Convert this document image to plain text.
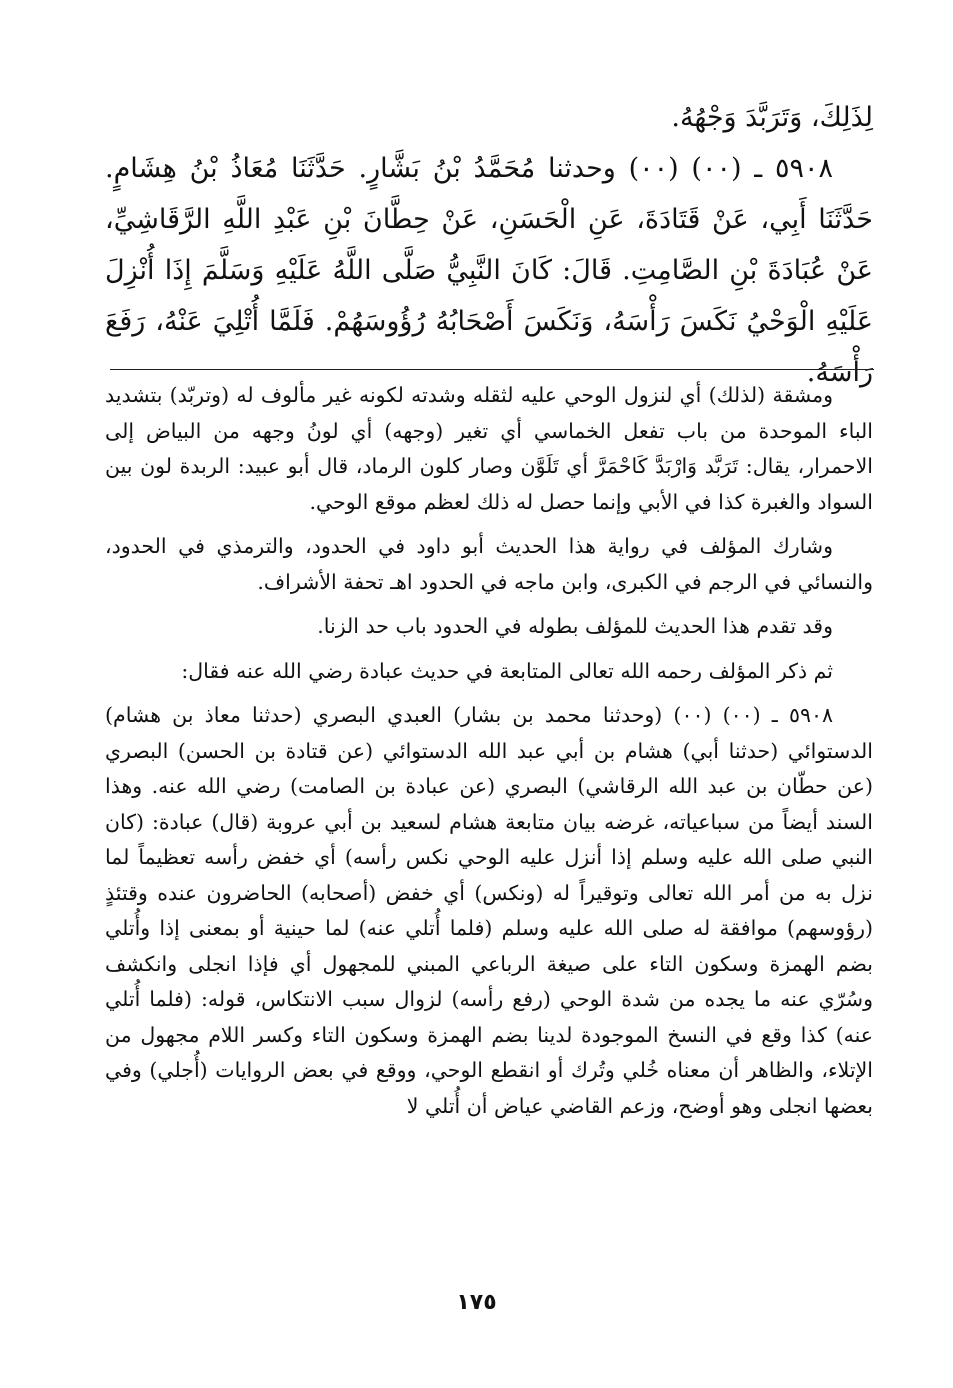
لِذَلِكَ، وَتَرَبَّدَ وَجْهُهُ.

٥٩٠٨ ـ (٠٠) (٠٠) وحدثنا مُحَمَّدُ بْنُ بَشَّارٍ. حَدَّثَنَا مُعَاذُ بْنُ هِشَامٍ. حَدَّثَنَا أَبِي، عَنْ قَتَادَةَ، عَنِ الْحَسَنِ، عَنْ حِطَّانَ بْنِ عَبْدِ اللَّهِ الرَّقَاشِيِّ، عَنْ عُبَادَةَ بْنِ الصَّامِتِ. قَالَ: كَانَ النَّبِيُّ صَلَّى اللَّهُ عَلَيْهِ وَسَلَّمَ إِذَا أُنْزِلَ عَلَيْهِ الْوَحْيُ نَكَسَ رَأْسَهُ، وَنَكَسَ أَصْحَابُهُ رُؤُوسَهُمْ. فَلَمَّا أُتْلِيَ عَنْهُ، رَفَعَ رَأْسَهُ.

ومشقة (لذلك) أي لنزول الوحي عليه لثقله وشدته لكونه غير مألوف له (وتربّد) بتشديد الباء الموحدة من باب تفعل الخماسي أي تغير (وجهه) أي لونُ وجهه من البياض إلى الاحمرار، يقال: تَرَبَّد وَارْبَدَّ كَاحْمَرَّ أي تَلَوَّن وصار كلون الرماد، قال أبو عبيد: الربدة لون بين السواد والغبرة كذا في الأبي وإنما حصل له ذلك لعظم موقع الوحي.

وشارك المؤلف في رواية هذا الحديث أبو داود في الحدود، والترمذي في الحدود، والنسائي في الرجم في الكبرى، وابن ماجه في الحدود اهـ تحفة الأشراف.

وقد تقدم هذا الحديث للمؤلف بطوله في الحدود باب حد الزنا.

ثم ذكر المؤلف رحمه الله تعالى المتابعة في حديث عبادة رضي الله عنه فقال:

٥٩٠٨ ـ (٠٠) (٠٠) (وحدثنا محمد بن بشار) العبدي البصري (حدثنا معاذ بن هشام) الدستوائي (حدثنا أبي) هشام بن أبي عبد الله الدستوائي (عن قتادة بن الحسن) البصري (عن حطّان بن عبد الله الرقاشي) البصري (عن عبادة بن الصامت) رضي الله عنه. وهذا السند أيضاً من سباعياته، غرضه بيان متابعة هشام لسعيد بن أبي عروبة (قال) عبادة: (كان النبي صلى الله عليه وسلم إذا أنزل عليه الوحي نكس رأسه) أي خفض رأسه تعظيماً لما نزل به من أمر الله تعالى وتوقيراً له (ونكس) أي خفض (أصحابه) الحاضرون عنده وقتئذٍ (رؤوسهم) موافقة له صلى الله عليه وسلم (فلما أُتلي عنه) لما حينية أو بمعنى إذا وأُتلي بضم الهمزة وسكون التاء على صيغة الرباعي المبني للمجهول أي فإذا انجلى وانكشف وسُرّي عنه ما يجده من شدة الوحي (رفع رأسه) لزوال سبب الانتكاس، قوله: (فلما أُتلي عنه) كذا وقع في النسخ الموجودة لدينا بضم الهمزة وسكون التاء وكسر اللام مجهول من الإتلاء، والظاهر أن معناه خُلي وتُرك أو انقطع الوحي، ووقع في بعض الروايات (أُجلي) وفي بعضها انجلى وهو أوضح، وزعم القاضي عياض أن أُتلي لا

١٧٥
